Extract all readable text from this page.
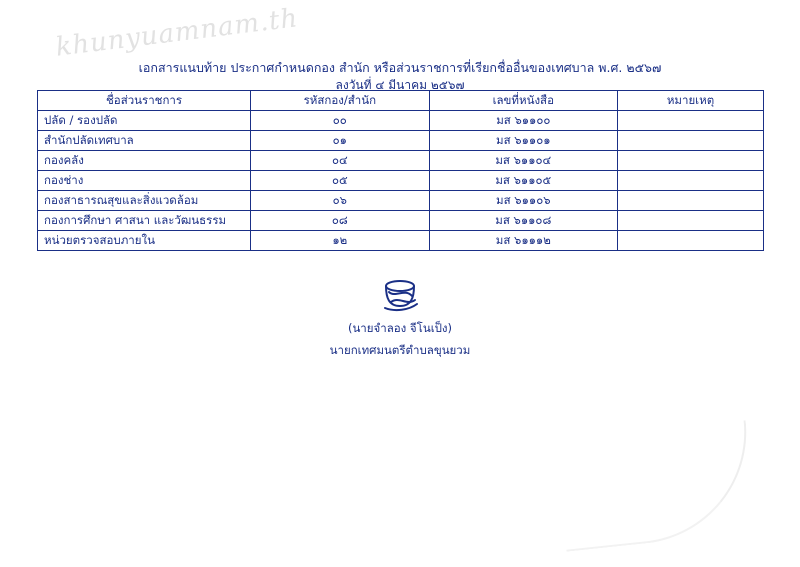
khunyuamnam.th
เอกสารแนบท้าย ประกาศกำหนดกอง สำนัก หรือส่วนราชการที่เรียกชื่ออื่นของเทศบาล พ.ศ. ๒๕๖๗
ลงวันที่ ๔ มีนาคม ๒๕๖๗
ชื่อส่วนราชการ	รหัสกอง/สำนัก	เลขที่หนังสือ	หมายเหตุ
ปลัด / รองปลัด	๐๐	มส ๖๑๑๐๐	
สำนักปลัดเทศบาล	๐๑	มส ๖๑๑๐๑	
กองคลัง	๐๔	มส ๖๑๑๐๔	
กองช่าง	๐๕	มส ๖๑๑๐๕	
กองสาธารณสุขและสิ่งแวดล้อม	๐๖	มส ๖๑๑๐๖	
กองการศึกษา ศาสนา และวัฒนธรรม	๐๘	มส ๖๑๑๐๘	
หน่วยตรวจสอบภายใน	๑๒	มส ๖๑๑๑๒	
(นายจำลอง จีโนเป็ง)
นายกเทศมนตรีตำบลขุนยวม
